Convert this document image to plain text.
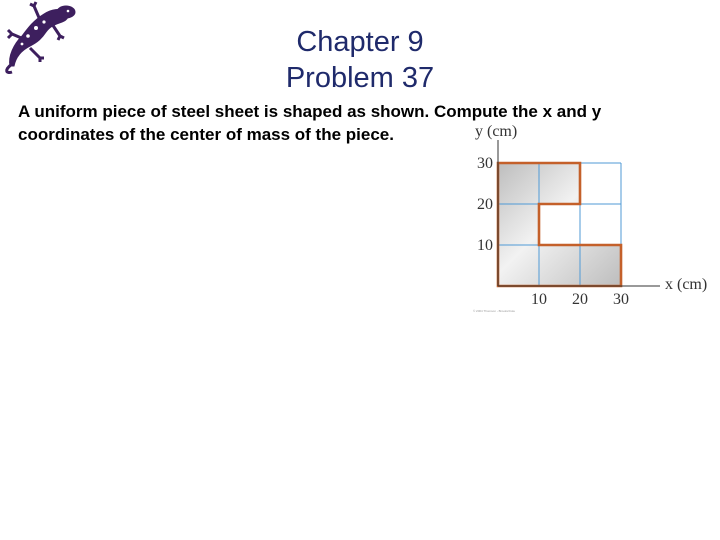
Chapter 9
Problem 37
A uniform piece of steel sheet is shaped as shown. Compute the x and y
coordinates of the center of mass of the piece.	y (cm)
x (cm)
© 2004 Thomson - Brooks/Cole
10 20 30
30
20
10
